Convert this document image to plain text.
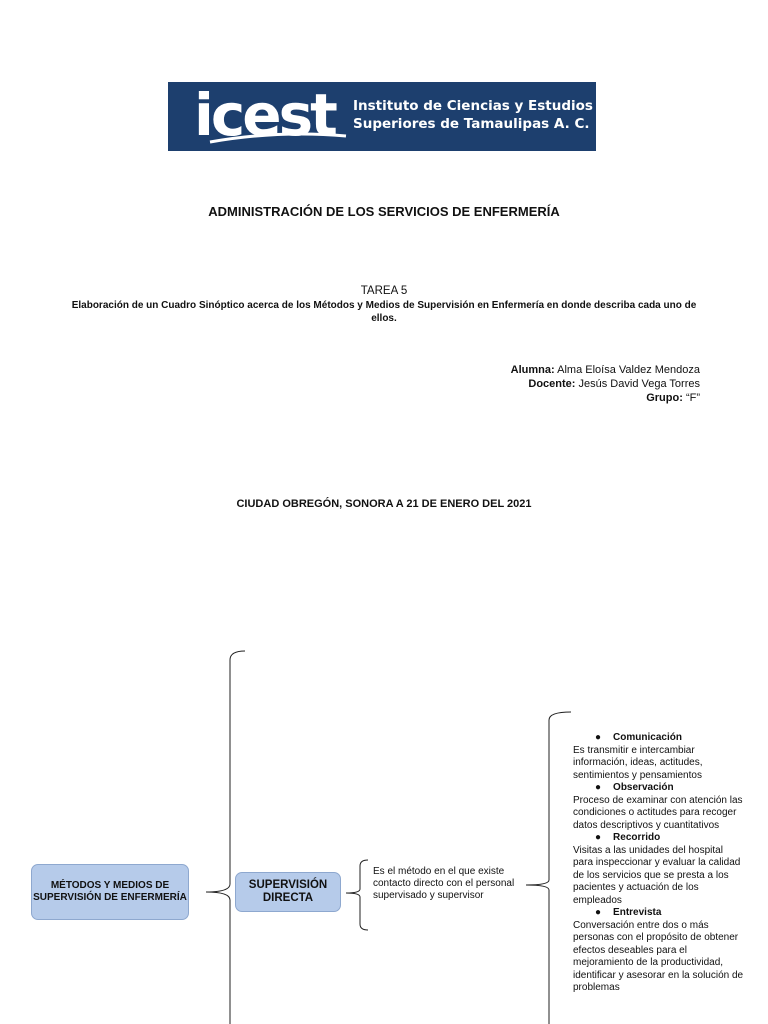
icest Instituto de Ciencias y Estudios
Superiores de Tamaulipas A. C.
ADMINISTRACIÓN DE LOS SERVICIOS DE ENFERMERÍA
TAREA 5
Elaboración de un Cuadro Sinóptico acerca de los Métodos y Medios de Supervisión en Enfermería en donde describa cada uno de ellos.
Alumna: Alma Eloísa Valdez Mendoza
Docente: Jesús David Vega Torres
Grupo: “F”
CIUDAD OBREGÓN, SONORA A 21 DE ENERO DEL 2021
MÉTODOS Y MEDIOS DE SUPERVISIÓN DE ENFERMERÍA
SUPERVISIÓN DIRECTA
Es el método en el que existe contacto directo con el personal supervisado y supervisor
● Comunicación
Es transmitir e intercambiar información, ideas, actitudes, sentimientos y pensamientos
● Observación
Proceso de examinar con atención las condiciones o actitudes para recoger datos descriptivos y cuantitativos
● Recorrido
Visitas a las unidades del hospital para inspeccionar y evaluar la calidad de los servicios que se presta a los pacientes y actuación de los empleados
● Entrevista
Conversación entre dos o más personas con el propósito de obtener efectos deseables para el mejoramiento de la productividad, identificar y asesorar en la solución de problemas
